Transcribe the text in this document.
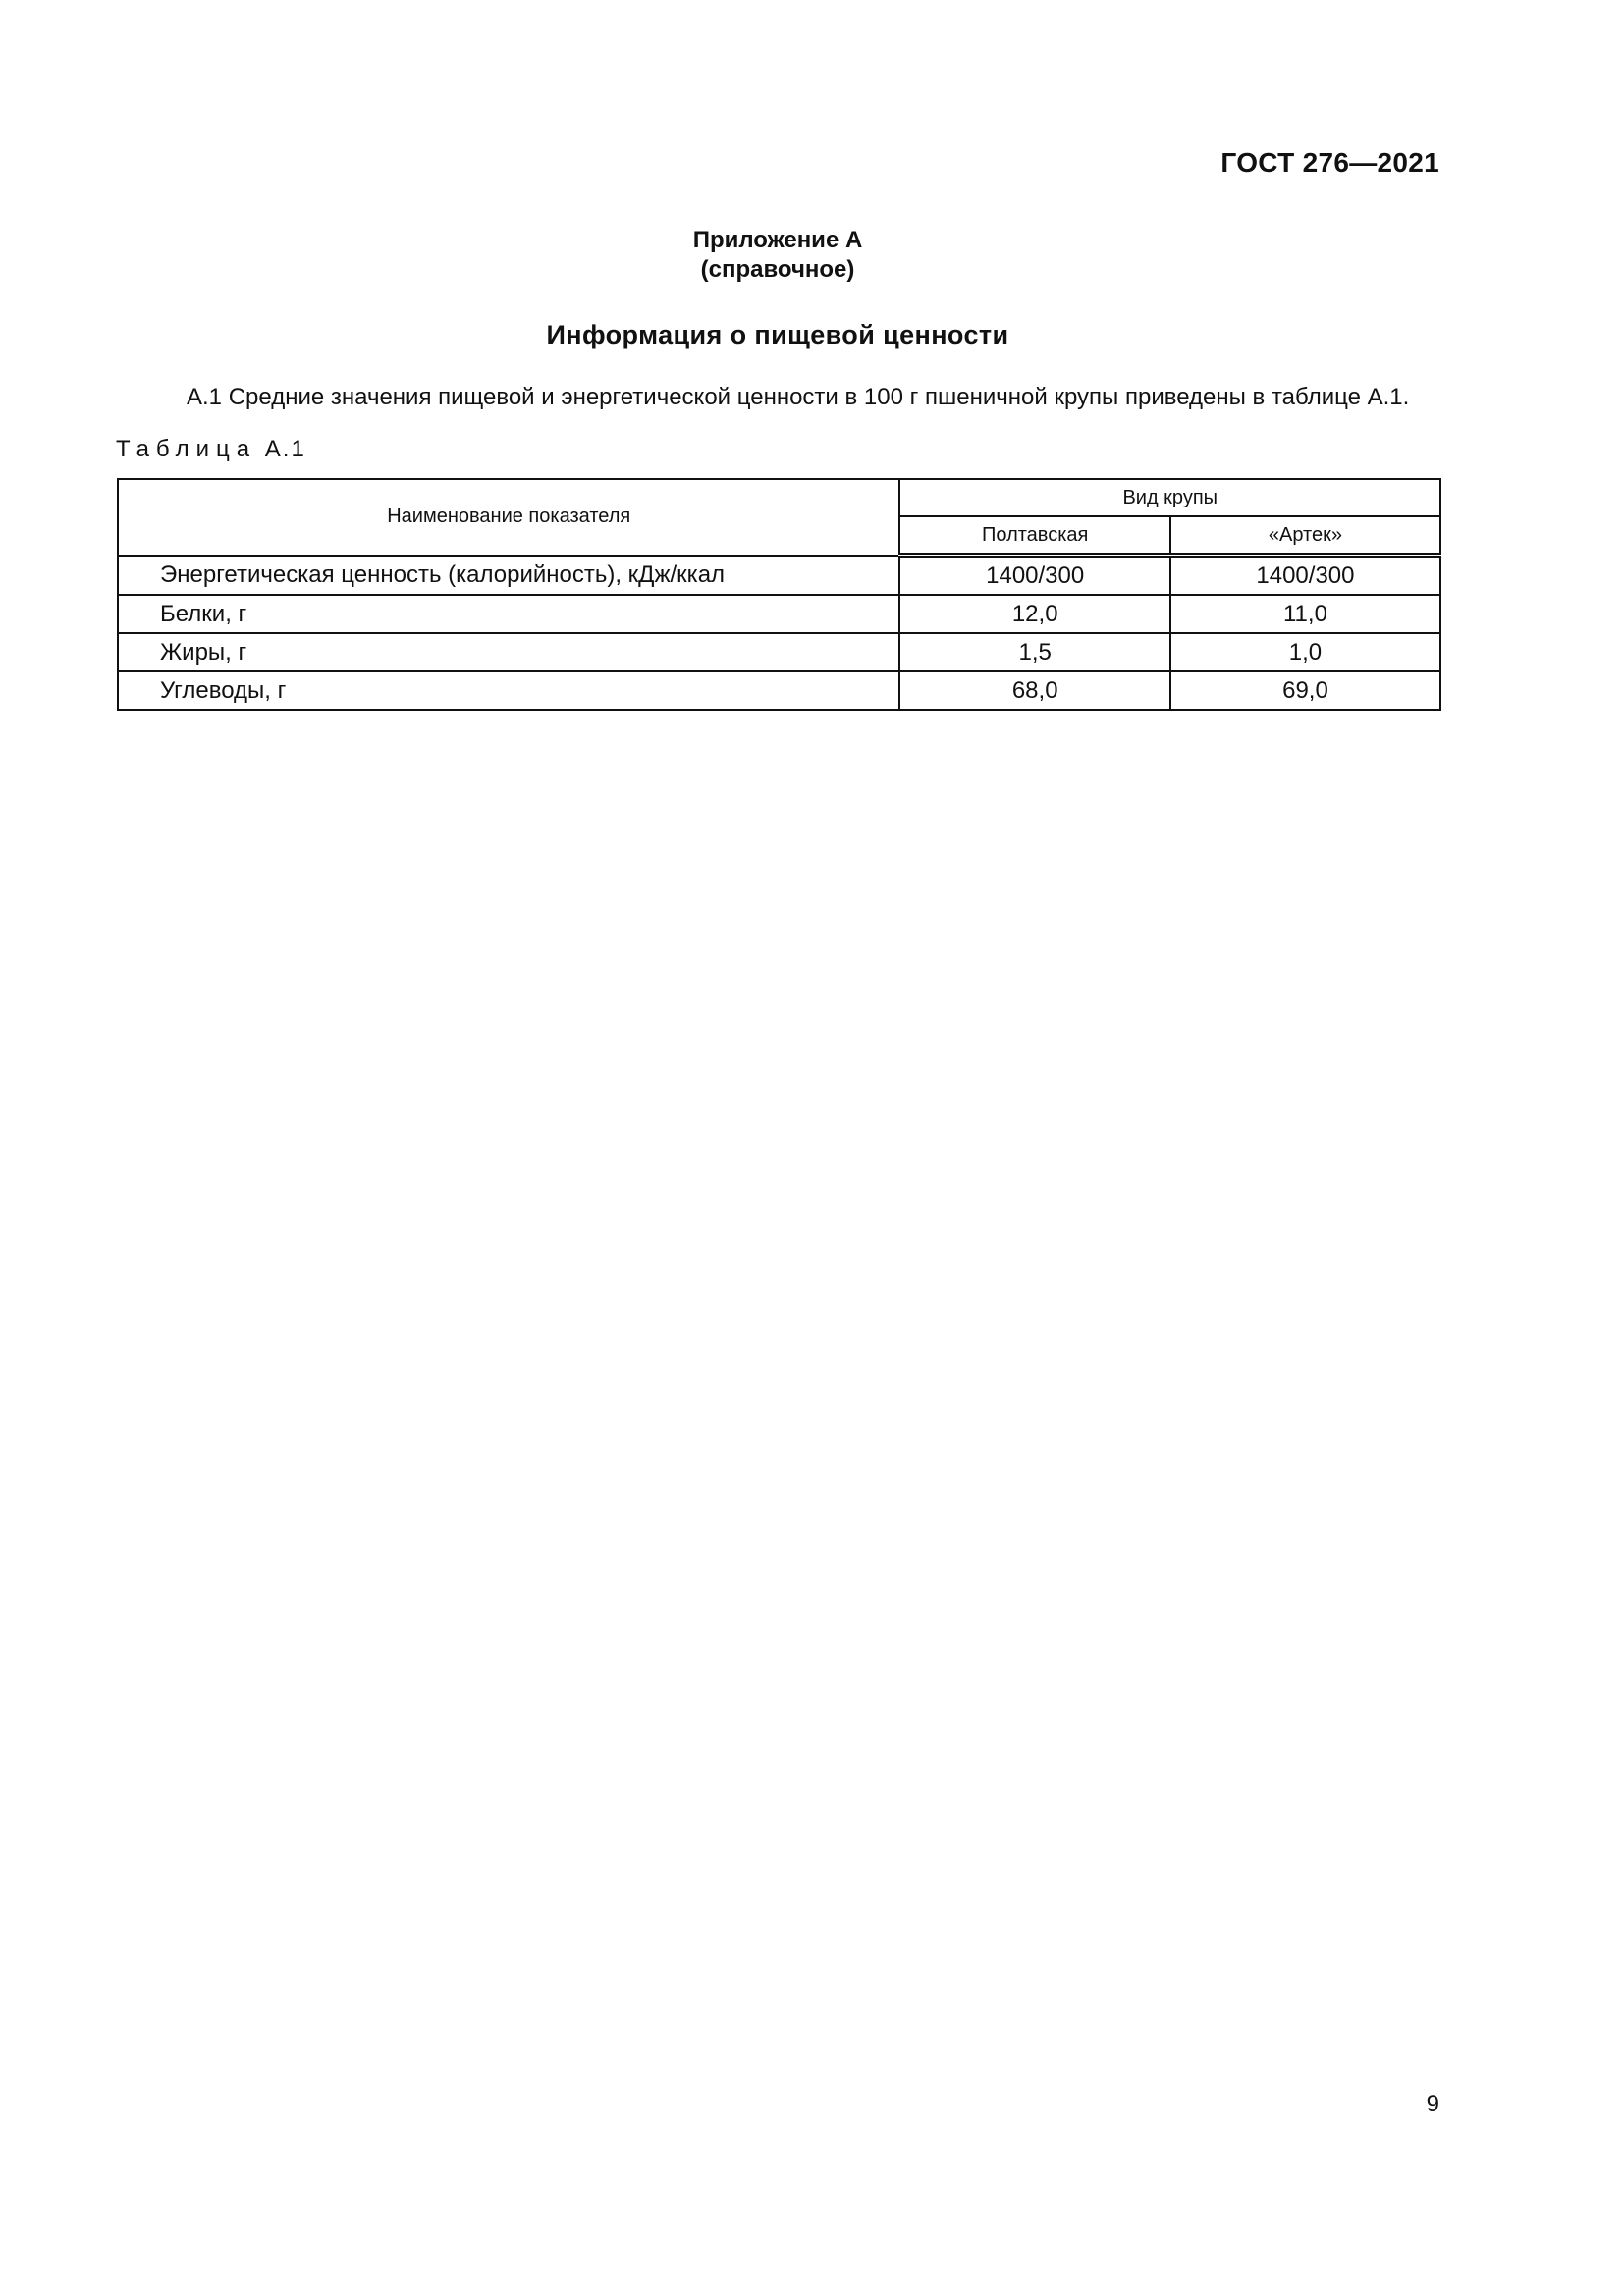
ГОСТ 276—2021
Приложение А
(справочное)
Информация о пищевой ценности
А.1 Средние значения пищевой и энергетической ценности в 100 г пшеничной крупы приведены в таблице А.1.
Таблица А.1
Наименование показателя	Вид крупы	
	Полтавская	«Артек»
Энергетическая ценность (калорийность), кДж/ккал	1400/300	1400/300
Белки, г	12,0	11,0
Жиры, г	1,5	1,0
Углеводы, г	68,0	69,0
9
